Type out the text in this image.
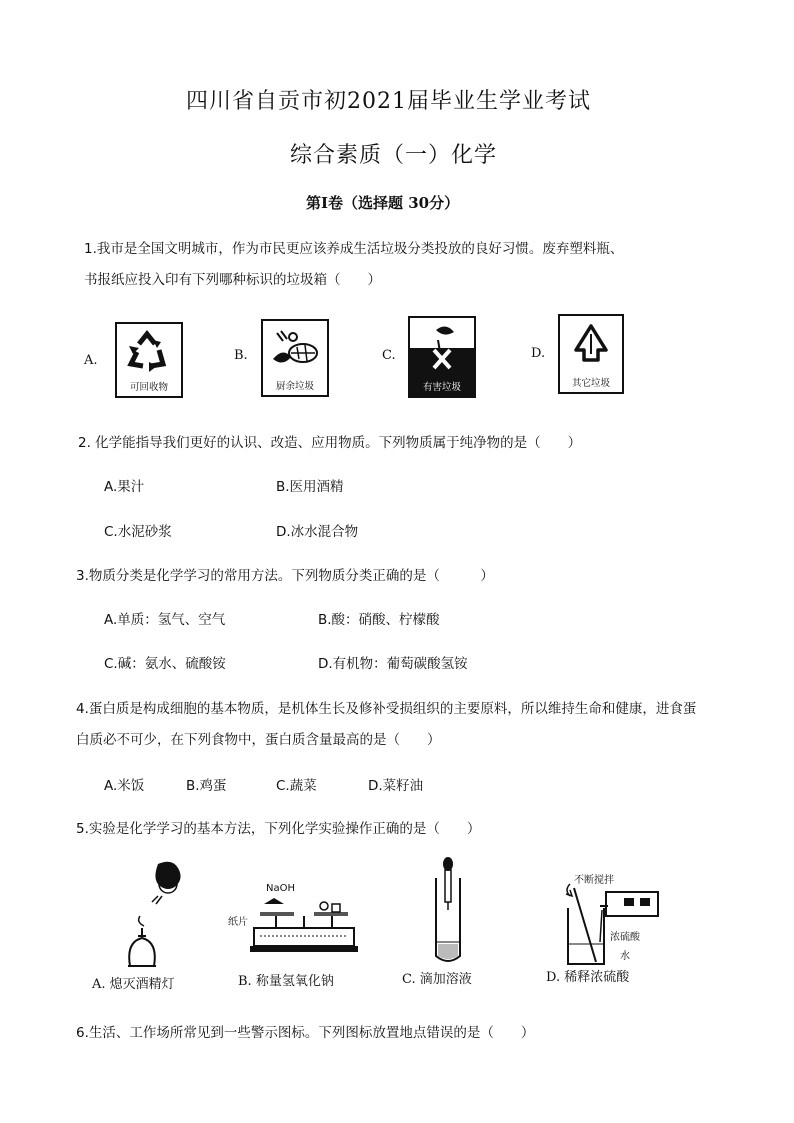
四川省自贡市初2021届毕业生学业考试
综合素质（一）化学
第I卷（选择题 30分）
1.我市是全国文明城市，作为市民更应该养成生活垃圾分类投放的良好习惯。废弃塑料瓶、
书报纸应投入印有下列哪种标识的垃圾箱（　　）
A.
可回收物
B.
厨余垃圾
C.
有害垃圾
D.
其它垃圾
2. 化学能指导我们更好的认识、改造、应用物质。下列物质属于纯净物的是（　　）
A.果汁	B.医用酒精
C.水泥砂浆	D.冰水混合物
3.物质分类是化学学习的常用方法。下列物质分类正确的是（　　　）
A.单质：氢气、空气	B.酸：硝酸、柠檬酸
C.碱：氨水、硫酸铵	D.有机物：葡萄碳酸氢铵
4.蛋白质是构成细胞的基本物质，是机体生长及修补受损组织的主要原料，所以维持生命和健康，进食蛋
白质必不可少，在下列食物中，蛋白质含量最高的是（　　）
A.米饭	B.鸡蛋	C.蔬菜	D.菜籽油
5.实验是化学学习的基本方法，下列化学实验操作正确的是（　　）
A. 熄灭酒精灯
NaOH
纸片
B. 称量氢氧化钠	C. 滴加溶液
不断搅拌
浓硫酸
水
D. 稀释浓硫酸
6.生活、工作场所常见到一些警示图标。下列图标放置地点错误的是（　　）
